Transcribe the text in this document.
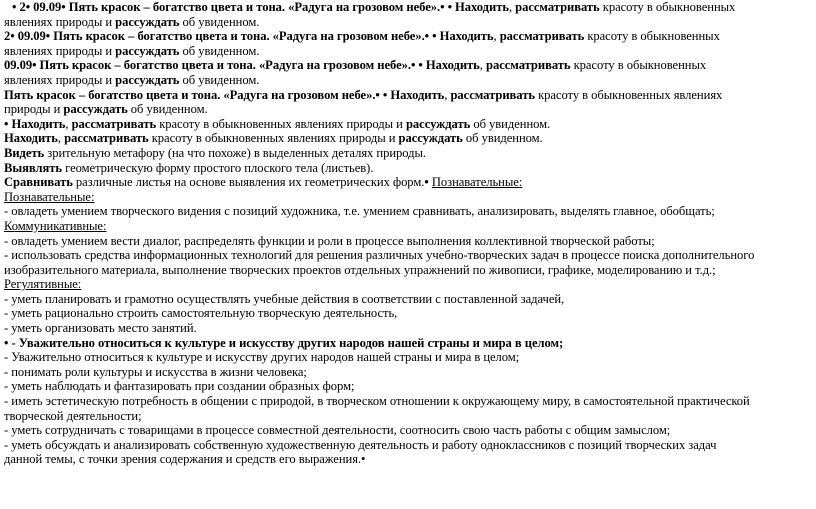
• 2• 09.09• Пять красок – богатство цвета и тона. «Радуга на грозовом небе».• • Находить, рассматривать красоту в обыкновенных

явлениях природы и рассуждать об увиденном.

2• 09.09• Пять красок – богатство цвета и тона. «Радуга на грозовом небе».• • Находить, рассматривать красоту в обыкновенных

явлениях природы и рассуждать об увиденном.

09.09• Пять красок – богатство цвета и тона. «Радуга на грозовом небе».• • Находить, рассматривать красоту в обыкновенных

явлениях природы и рассуждать об увиденном.

Пять красок – богатство цвета и тона. «Радуга на грозовом небе».• • Находить, рассматривать красоту в обыкновенных явлениях

природы и рассуждать об увиденном.

• Находить, рассматривать красоту в обыкновенных явлениях природы и рассуждать об увиденном.

Находить, рассматривать красоту в обыкновенных явлениях природы и рассуждать об увиденном.

Видеть зрительную метафору (на что похоже) в выделенных деталях природы.

Выявлять геометрическую форму простого плоского тела (листьев).

Сравнивать различные листья на основе выявления их геометрических форм.• Познавательные:

Познавательные:

- овладеть умением творческого видения с позиций художника, т.е. умением сравнивать, анализировать, выделять главное, обобщать;

Коммуникативные:

- овладеть умением вести диалог, распределять функции и роли в процессе выполнения коллективной творческой работы;

- использовать средства информационных технологий для решения различных учебно-творческих задач в процессе поиска дополнительного

изобразительного материала, выполнение творческих проектов отдельных упражнений по живописи, графике, моделированию и т.д.;

Регулятивные:

- уметь планировать и грамотно осуществлять учебные действия в соответствии с поставленной задачей,

- уметь рационально строить самостоятельную творческую деятельность,

- уметь организовать место занятий.

• - Уважительно относиться к культуре и искусству других народов нашей страны и мира в целом;

- Уважительно относиться к культуре и искусству других народов нашей страны и мира в целом;

- понимать роли культуры и искусства в жизни человека;

- уметь наблюдать и фантазировать при создании образных форм;

- иметь эстетическую потребность в общении с природой, в творческом отношении к окружающему миру, в самостоятельной практической

творческой деятельности;

- уметь сотрудничать с товарищами в процессе совместной деятельности, соотносить свою часть работы с общим замыслом;

- уметь обсуждать и анализировать собственную художественную деятельность и работу одноклассников с позиций творческих задач

данной темы, с точки зрения содержания и средств его выражения.•
